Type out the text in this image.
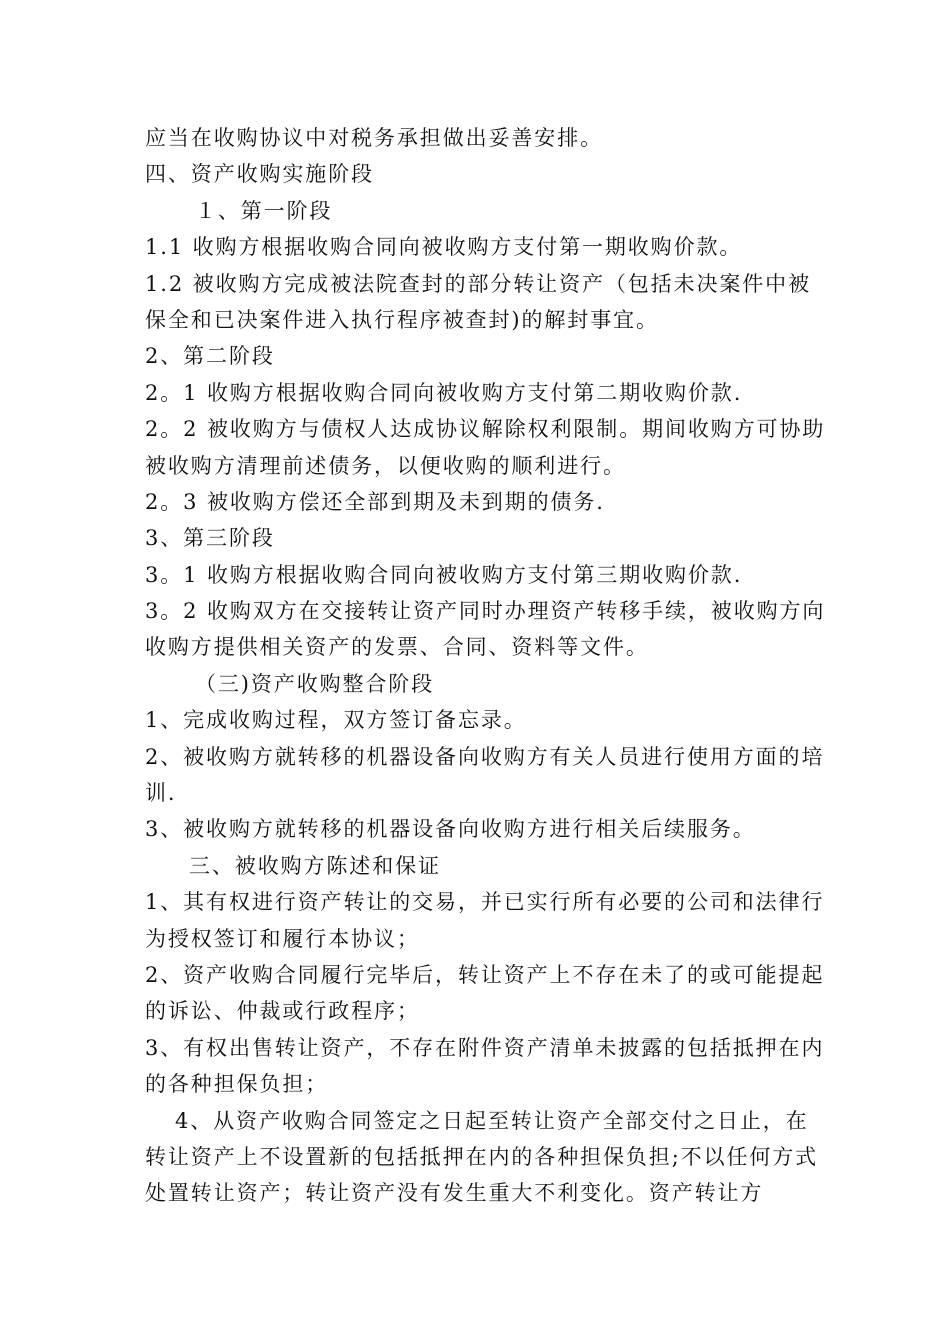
应当在收购协议中对税务承担做出妥善安排。
四、资产收购实施阶段
１、第一阶段
1.1 收购方根据收购合同向被收购方支付第一期收购价款。
1.2 被收购方完成被法院查封的部分转让资产（包括未决案件中被
保全和已决案件进入执行程序被查封)的解封事宜。
2、第二阶段
2。1 收购方根据收购合同向被收购方支付第二期收购价款.
2。2 被收购方与债权人达成协议解除权利限制。期间收购方可协助
被收购方清理前述债务，以便收购的顺利进行。
2。3 被收购方偿还全部到期及未到期的债务.
3、第三阶段
3。1 收购方根据收购合同向被收购方支付第三期收购价款.
3。2 收购双方在交接转让资产同时办理资产转移手续，被收购方向
收购方提供相关资产的发票、合同、资料等文件。
（三)资产收购整合阶段
1、完成收购过程，双方签订备忘录。
2、被收购方就转移的机器设备向收购方有关人员进行使用方面的培
训.
3、被收购方就转移的机器设备向收购方进行相关后续服务。
三、被收购方陈述和保证
1、其有权进行资产转让的交易，并已实行所有必要的公司和法律行
为授权签订和履行本协议；
2、资产收购合同履行完毕后，转让资产上不存在未了的或可能提起
的诉讼、仲裁或行政程序；
3、有权出售转让资产，不存在附件资产清单未披露的包括抵押在内
的各种担保负担；
4、从资产收购合同签定之日起至转让资产全部交付之日止，在
转让资产上不设置新的包括抵押在内的各种担保负担;不以任何方式
处置转让资产；转让资产没有发生重大不利变化。资产转让方
